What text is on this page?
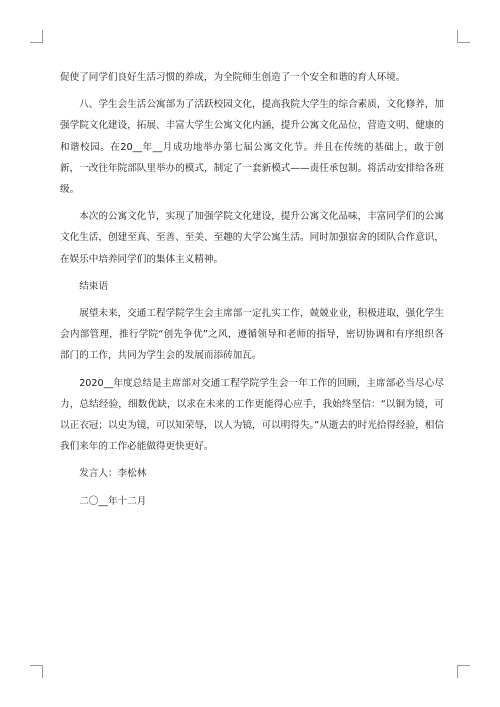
促使了同学们良好生活习惯的养成，为全院师生创造了一个安全和谐的育人环境。

八、学生会生活公寓部为了活跃校园文化，提高我院大学生的综合素质，文化修养，加强学院文化建设，拓展、丰富大学生公寓文化内涵，提升公寓文化品位，营造文明、健康的和谐校园。在20__年__月成功地举办第七届公寓文化节。并且在传统的基础上，敢于创新，一改往年院部队里举办的模式，制定了一套新模式——责任承包制。将活动安排给各班级。

本次的公寓文化节，实现了加强学院文化建设，提升公寓文化品味，丰富同学们的公寓文化生活，创建至真、至善、至美、至趣的大学公寓生活。同时加强宿舍的团队合作意识，在娱乐中培养同学们的集体主义精神。

结束语

展望未来，交通工程学院学生会主席部一定扎实工作，兢兢业业，积极进取，强化学生会内部管理，推行学院“创先争优”之风，遵循领导和老师的指导，密切协调和有序组织各部门的工作，共同为学生会的发展而添砖加瓦。

2020__年度总结是主席部对交通工程学院学生会一年工作的回顾，主席部必当尽心尽力，总结经验，细数优缺，以求在未来的工作更能得心应手，我始终坚信：“以铜为镜，可以正衣冠；以史为镜，可以知荣辱，以人为镜，可以明得失。”从逝去的时光拾得经验，相信我们来年的工作必能做得更快更好。

发言人：李松林

二〇__年十二月
